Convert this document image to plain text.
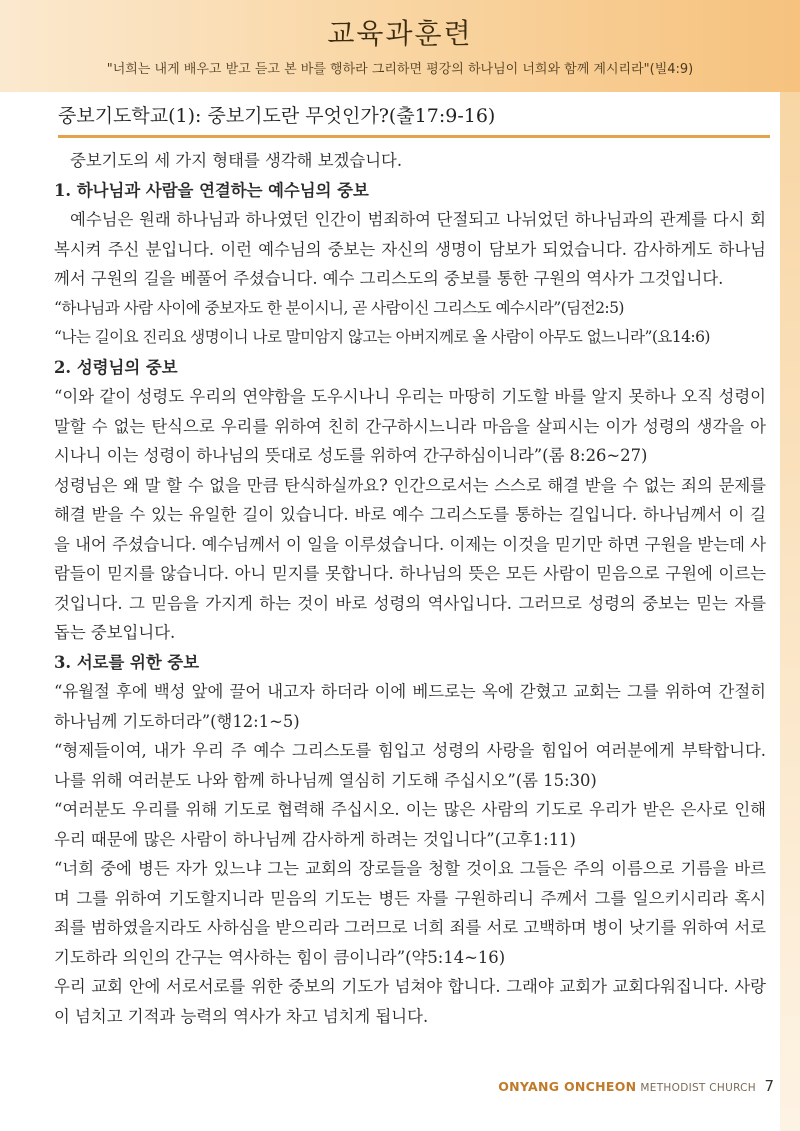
교육과훈련
"너희는 내게 배우고 받고 듣고 본 바를 행하라 그리하면 평강의 하나님이 너희와 함께 계시리라"(빌4:9)
중보기도학교(1): 중보기도란 무엇인가?(출17:9-16)

중보기도의 세 가지 형태를 생각해 보겠습니다.

1. 하나님과 사람을 연결하는 예수님의 중보

예수님은 원래 하나님과 하나였던 인간이 범죄하여 단절되고 나뉘었던 하나님과의 관계를 다시 회복시켜 주신 분입니다. 이런 예수님의 중보는 자신의 생명이 담보가 되었습니다. 감사하게도 하나님께서 구원의 길을 베풀어 주셨습니다. 예수 그리스도의 중보를 통한 구원의 역사가 그것입니다.

“하나님과 사람 사이에 중보자도 한 분이시니, 곧 사람이신 그리스도 예수시라”(딤전2:5)

“나는 길이요 진리요 생명이니 나로 말미암지 않고는 아버지께로 올 사람이 아무도 없느니라”(요14:6)

2. 성령님의 중보

“이와 같이 성령도 우리의 연약함을 도우시나니 우리는 마땅히 기도할 바를 알지 못하나 오직 성령이 말할 수 없는 탄식으로 우리를 위하여 친히 간구하시느니라 마음을 살피시는 이가 성령의 생각을 아시나니 이는 성령이 하나님의 뜻대로 성도를 위하여 간구하심이니라”(롬 8:26~27)

성령님은 왜 말 할 수 없을 만큼 탄식하실까요? 인간으로서는 스스로 해결 받을 수 없는 죄의 문제를 해결 받을 수 있는 유일한 길이 있습니다. 바로 예수 그리스도를 통하는 길입니다. 하나님께서 이 길을 내어 주셨습니다. 예수님께서 이 일을 이루셨습니다. 이제는 이것을 믿기만 하면 구원을 받는데 사람들이 믿지를 않습니다. 아니 믿지를 못합니다. 하나님의 뜻은 모든 사람이 믿음으로 구원에 이르는 것입니다. 그 믿음을 가지게 하는 것이 바로 성령의 역사입니다. 그러므로 성령의 중보는 믿는 자를 돕는 중보입니다.

3. 서로를 위한 중보

“유월절 후에 백성 앞에 끌어 내고자 하더라 이에 베드로는 옥에 갇혔고 교회는 그를 위하여 간절히 하나님께 기도하더라”(행12:1~5)

“형제들이여, 내가 우리 주 예수 그리스도를 힘입고 성령의 사랑을 힘입어 여러분에게 부탁합니다. 나를 위해 여러분도 나와 함께 하나님께 열심히 기도해 주십시오”(롬 15:30)

“여러분도 우리를 위해 기도로 협력해 주십시오. 이는 많은 사람의 기도로 우리가 받은 은사로 인해 우리 때문에 많은 사람이 하나님께 감사하게 하려는 것입니다”(고후1:11)

“너희 중에 병든 자가 있느냐 그는 교회의 장로들을 청할 것이요 그들은 주의 이름으로 기름을 바르며 그를 위하여 기도할지니라 믿음의 기도는 병든 자를 구원하리니 주께서 그를 일으키시리라 혹시 죄를 범하였을지라도 사하심을 받으리라 그러므로 너희 죄를 서로 고백하며 병이 낫기를 위하여 서로 기도하라 의인의 간구는 역사하는 힘이 큼이니라”(약5:14~16)

우리 교회 안에 서로서로를 위한 중보의 기도가 넘쳐야 합니다. 그래야 교회가 교회다워집니다. 사랑이 넘치고 기적과 능력의 역사가 차고 넘치게 됩니다.

ONYANG ONCHEON METHODIST CHURCH 7
